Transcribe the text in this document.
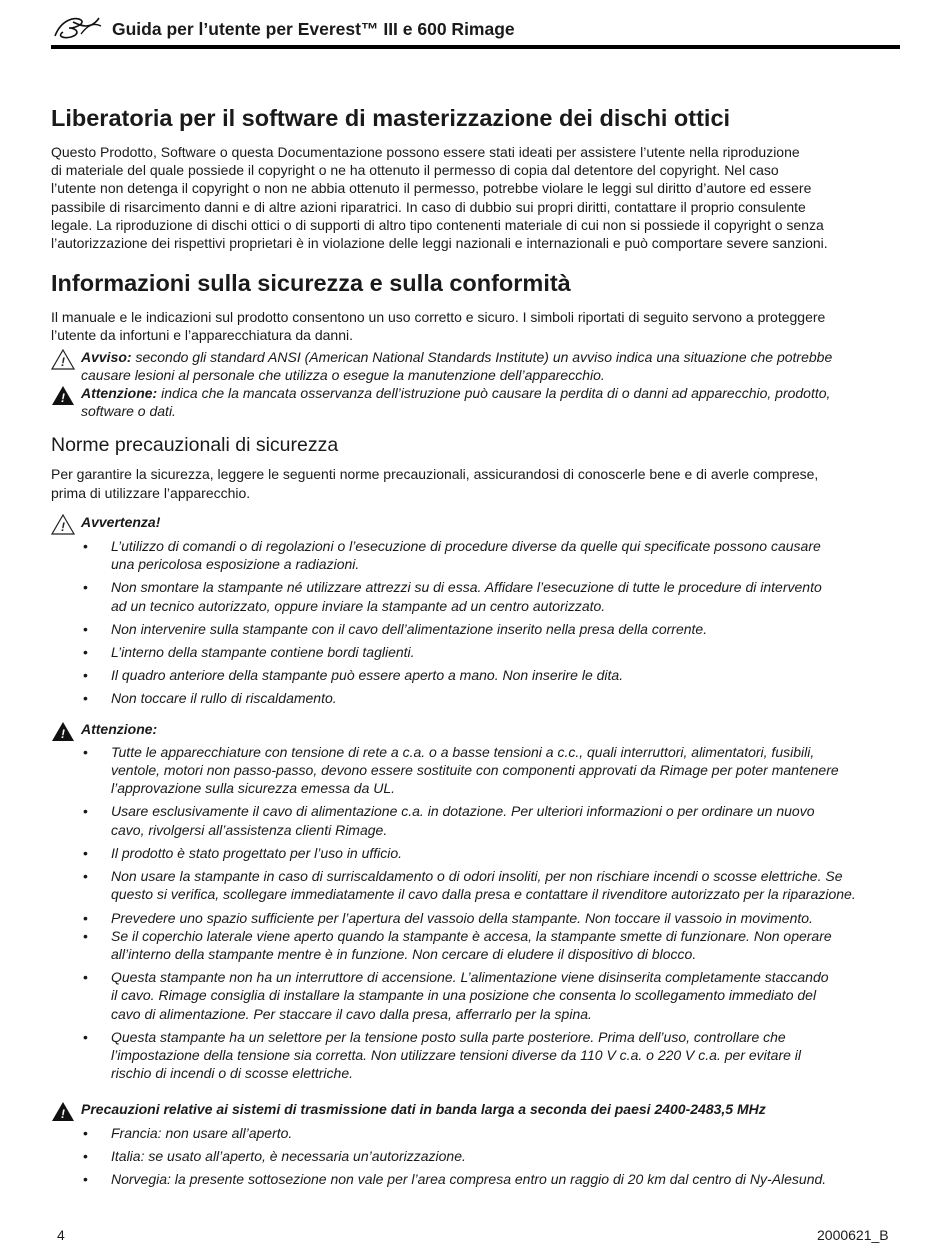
Guida per l’utente per Everest™ III e 600 Rimage
Liberatoria per il software di masterizzazione dei dischi ottici

Questo Prodotto, Software o questa Documentazione possono essere stati ideati per assistere l’utente nella riproduzione
di materiale del quale possiede il copyright o ne ha ottenuto il permesso di copia dal detentore del copyright. Nel caso
l’utente non detenga il copyright o non ne abbia ottenuto il permesso, potrebbe violare le leggi sul diritto d’autore ed essere
passibile di risarcimento danni e di altre azioni riparatrici. In caso di dubbio sui propri diritti, contattare il proprio consulente
legale. La riproduzione di dischi ottici o di supporti di altro tipo contenenti materiale di cui non si possiede il copyright o senza
l’autorizzazione dei rispettivi proprietari è in violazione delle leggi nazionali e internazionali e può comportare severe sanzioni.

Informazioni sulla sicurezza e sulla conformità

Il manuale e le indicazioni sul prodotto consentono un uso corretto e sicuro. I simboli riportati di seguito servono a proteggere
l’utente da infortuni e l’apparecchiatura da danni.

! Avviso: secondo gli standard ANSI (American National Standards Institute) un avviso indica una situazione che potrebbe
causare lesioni al personale che utilizza o esegue la manutenzione dell’apparecchio.
! Attenzione: indica che la mancata osservanza dell’istruzione può causare la perdita di o danni ad apparecchio, prodotto,
software o dati.
Norme precauzionali di sicurezza

Per garantire la sicurezza, leggere le seguenti norme precauzionali, assicurandosi di conoscerle bene e di averle comprese,
prima di utilizzare l’apparecchio.

! Avvertenza!
• L’utilizzo di comandi o di regolazioni o l’esecuzione di procedure diverse da quelle qui specificate possono causare
una pericolosa esposizione a radiazioni.
• Non smontare la stampante né utilizzare attrezzi su di essa. Affidare l’esecuzione di tutte le procedure di intervento
ad un tecnico autorizzato, oppure inviare la stampante ad un centro autorizzato.
• Non intervenire sulla stampante con il cavo dell’alimentazione inserito nella presa della corrente.
• L’interno della stampante contiene bordi taglienti.
• Il quadro anteriore della stampante può essere aperto a mano. Non inserire le dita.
• Non toccare il rullo di riscaldamento.
! Attenzione:
• Tutte le apparecchiature con tensione di rete a c.a. o a basse tensioni a c.c., quali interruttori, alimentatori, fusibili,
ventole, motori non passo-passo, devono essere sostituite con componenti approvati da Rimage per poter mantenere
l’approvazione sulla sicurezza emessa da UL.
• Usare esclusivamente il cavo di alimentazione c.a. in dotazione. Per ulteriori informazioni o per ordinare un nuovo
cavo, rivolgersi all’assistenza clienti Rimage.
• Il prodotto è stato progettato per l’uso in ufficio.
• Non usare la stampante in caso di surriscaldamento o di odori insoliti, per non rischiare incendi o scosse elettriche. Se
questo si verifica, scollegare immediatamente il cavo dalla presa e contattare il rivenditore autorizzato per la riparazione.
• Prevedere uno spazio sufficiente per l’apertura del vassoio della stampante. Non toccare il vassoio in movimento.
• Se il coperchio laterale viene aperto quando la stampante è accesa, la stampante smette di funzionare. Non operare
all’interno della stampante mentre è in funzione. Non cercare di eludere il dispositivo di blocco.
• Questa stampante non ha un interruttore di accensione. L’alimentazione viene disinserita completamente staccando
il cavo. Rimage consiglia di installare la stampante in una posizione che consenta lo scollegamento immediato del
cavo di alimentazione. Per staccare il cavo dalla presa, afferrarlo per la spina.
• Questa stampante ha un selettore per la tensione posto sulla parte posteriore. Prima dell’uso, controllare che
l’impostazione della tensione sia corretta. Non utilizzare tensioni diverse da 110 V c.a. o 220 V c.a. per evitare il
rischio di incendi o di scosse elettriche.
! Precauzioni relative ai sistemi di trasmissione dati in banda larga a seconda dei paesi 2400-2483,5 MHz
• Francia: non usare all’aperto.
• Italia: se usato all’aperto, è necessaria un’autorizzazione.
• Norvegia: la presente sottosezione non vale per l’area compresa entro un raggio di 20 km dal centro di Ny-Alesund.
4	2000621_B
